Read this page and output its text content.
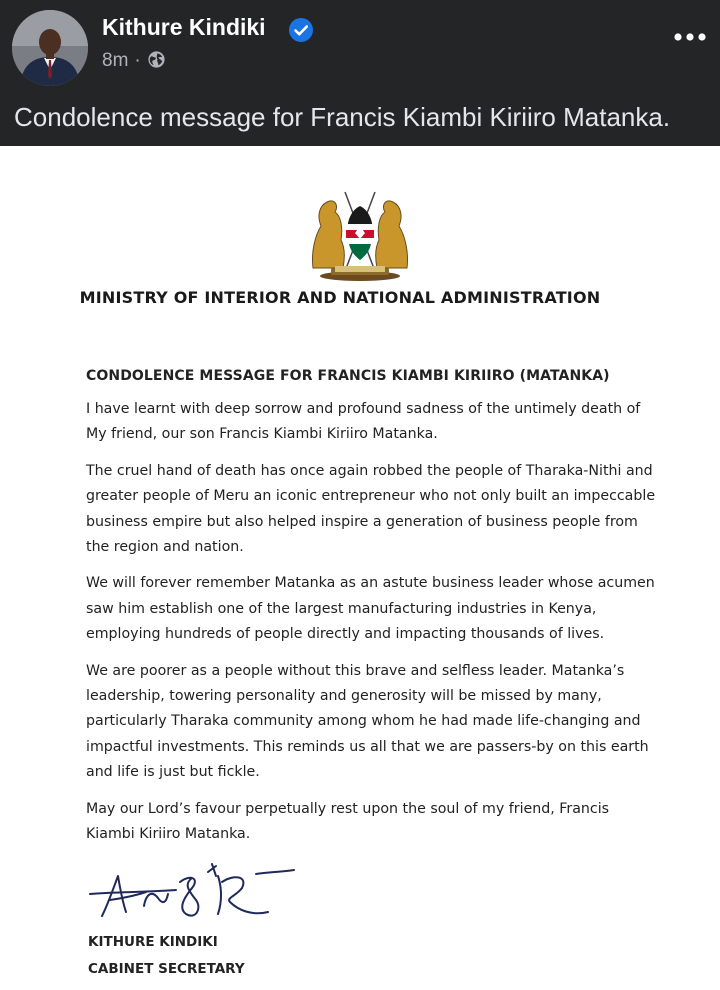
Kithure Kindiki
8m ·
Condolence message for Francis Kiambi Kiriiro Matanka.
MINISTRY OF INTERIOR AND NATIONAL ADMINISTRATION
CONDOLENCE MESSAGE FOR FRANCIS KIAMBI KIRIIRO (MATANKA)

I have learnt with deep sorrow and profound sadness of the untimely death of My friend, our son Francis Kiambi Kiriiro Matanka.

The cruel hand of death has once again robbed the people of Tharaka-Nithi and greater people of Meru an iconic entrepreneur who not only built an impeccable business empire but also helped inspire a generation of business people from the region and nation.

We will forever remember Matanka as an astute business leader whose acumen saw him establish one of the largest manufacturing industries in Kenya, employing hundreds of people directly and impacting thousands of lives.

We are poorer as a people without this brave and selfless leader. Matanka’s leadership, towering personality and generosity will be missed by many, particularly Tharaka community among whom he had made life-changing and impactful investments. This reminds us all that we are passers-by on this earth and life is just but fickle.

May our Lord’s favour perpetually rest upon the soul of my friend, Francis Kiambi Kiriiro Matanka.

KITHURE KINDIKI
CABINET SECRETARY
